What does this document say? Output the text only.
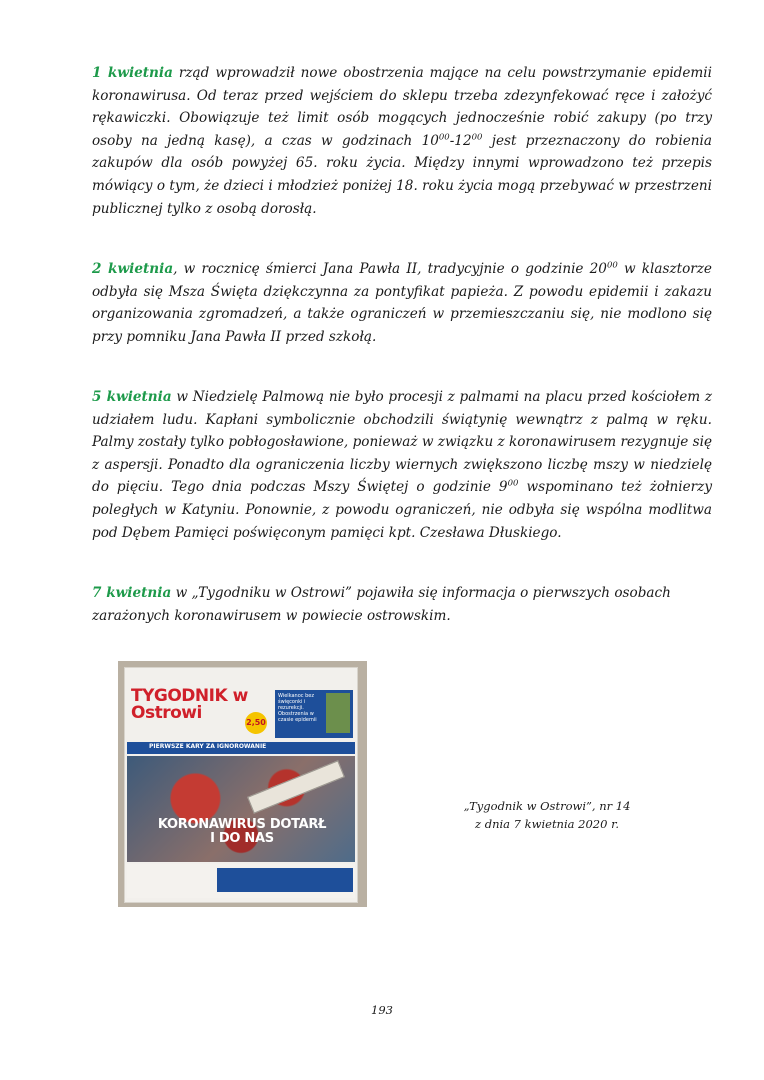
1 kwietnia rząd wprowadził nowe obostrzenia mające na celu powstrzymanie epidemii koronawirusa. Od teraz przed wejściem do sklepu trzeba zdezynfekować ręce i założyć rękawiczki. Obowiązuje też limit osób mogących jednocześnie robić zakupy (po trzy osoby na jedną kasę), a czas w godzinach $10^{00}-12^{00}$ jest przeznaczony do robienia zakupów dla osób powyżej 65. roku życia. Między innymi wprowadzono też przepis mówiący o tym, że dzieci i młodzież poniżej 18. roku życia mogą przebywać w przestrzeni publicznej tylko z osobą dorosłą.

2 kwietnia, w rocznicę śmierci Jana Pawła II, tradycyjnie o godzinie $20^{00}$ w klasztorze odbyła się Msza Święta dziękczynna za pontyfikat papieża. Z powodu epidemii i zakazu organizowania zgromadzeń, a także ograniczeń w przemieszczaniu się, nie modlono się przy pomniku Jana Pawła II przed szkołą.

5 kwietnia w Niedzielę Palmową nie było procesji z palmami na placu przed kościołem z udziałem ludu. Kapłani symbolicznie obchodzili świątynię wewnątrz z palmą w ręku. Palmy zostały tylko pobłogosławione, ponieważ w związku z koronawirusem rezygnuje się z aspersji. Ponadto dla ograniczenia liczby wiernych zwiększono liczbę mszy w niedzielę do pięciu. Tego dnia podczas Mszy Świętej o godzinie $9^{00}$ wspominano też żołnierzy poległych w Katyniu. Ponownie, z powodu ograniczeń, nie odbyła się wspólna modlitwa pod Dębem Pamięci poświęconym pamięci kpt. Czesława Dłuskiego.

7 kwietnia w „Tygodniku w Ostrowi” pojawiła się informacja o pierwszych osobach zarażonych koronawirusem w powiecie ostrowskim.

TYGODNIK w Ostrowi	2,50
Wielkanoc bez święconki i rezurekcji. Obostrzenia w czasie epidemii
PIERWSZE KARY ZA IGNOROWANIE
KORONAWIRUS DOTARŁ I DO NAS
„Tygodnik w Ostrowi”, nr 14
z dnia 7 kwietnia 2020 r.
193
